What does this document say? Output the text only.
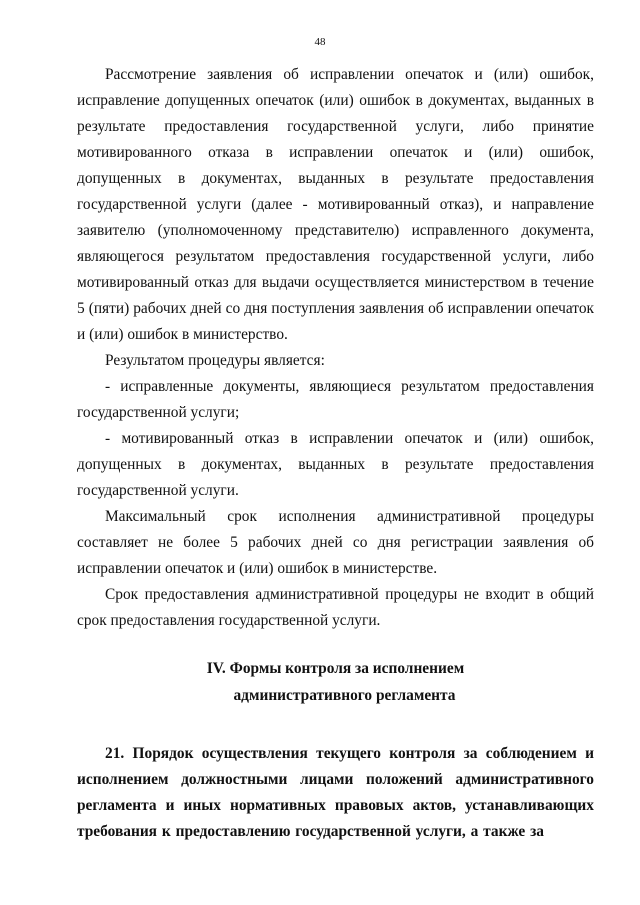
48

Рассмотрение заявления об исправлении опечаток и (или) ошибок, исправление допущенных опечаток (или) ошибок в документах, выданных в результате предоставления государственной услуги, либо принятие мотивированного отказа в исправлении опечаток и (или) ошибок, допущенных в документах, выданных в результате предоставления государственной услуги (далее - мотивированный отказ), и направление заявителю (уполномоченному представителю) исправленного документа, являющегося результатом предоставления государственной услуги, либо мотивированный отказ для выдачи осуществляется министерством в течение 5 (пяти) рабочих дней со дня поступления заявления об исправлении опечаток и (или) ошибок в министерство.

Результатом процедуры является:

- исправленные документы, являющиеся результатом предоставления государственной услуги;

- мотивированный отказ в исправлении опечаток и (или) ошибок, допущенных в документах, выданных в результате предоставления государственной услуги.

Максимальный срок исполнения административной процедуры составляет не более 5 рабочих дней со дня регистрации заявления об исправлении опечаток и (или) ошибок в министерстве.

Срок предоставления административной процедуры не входит в общий срок предоставления государственной услуги.

IV. Формы контроля за исполнением
административного регламента

21. Порядок осуществления текущего контроля за соблюдением и исполнением должностными лицами положений административного регламента и иных нормативных правовых актов, устанавливающих требования к предоставлению государственной услуги, а также за
